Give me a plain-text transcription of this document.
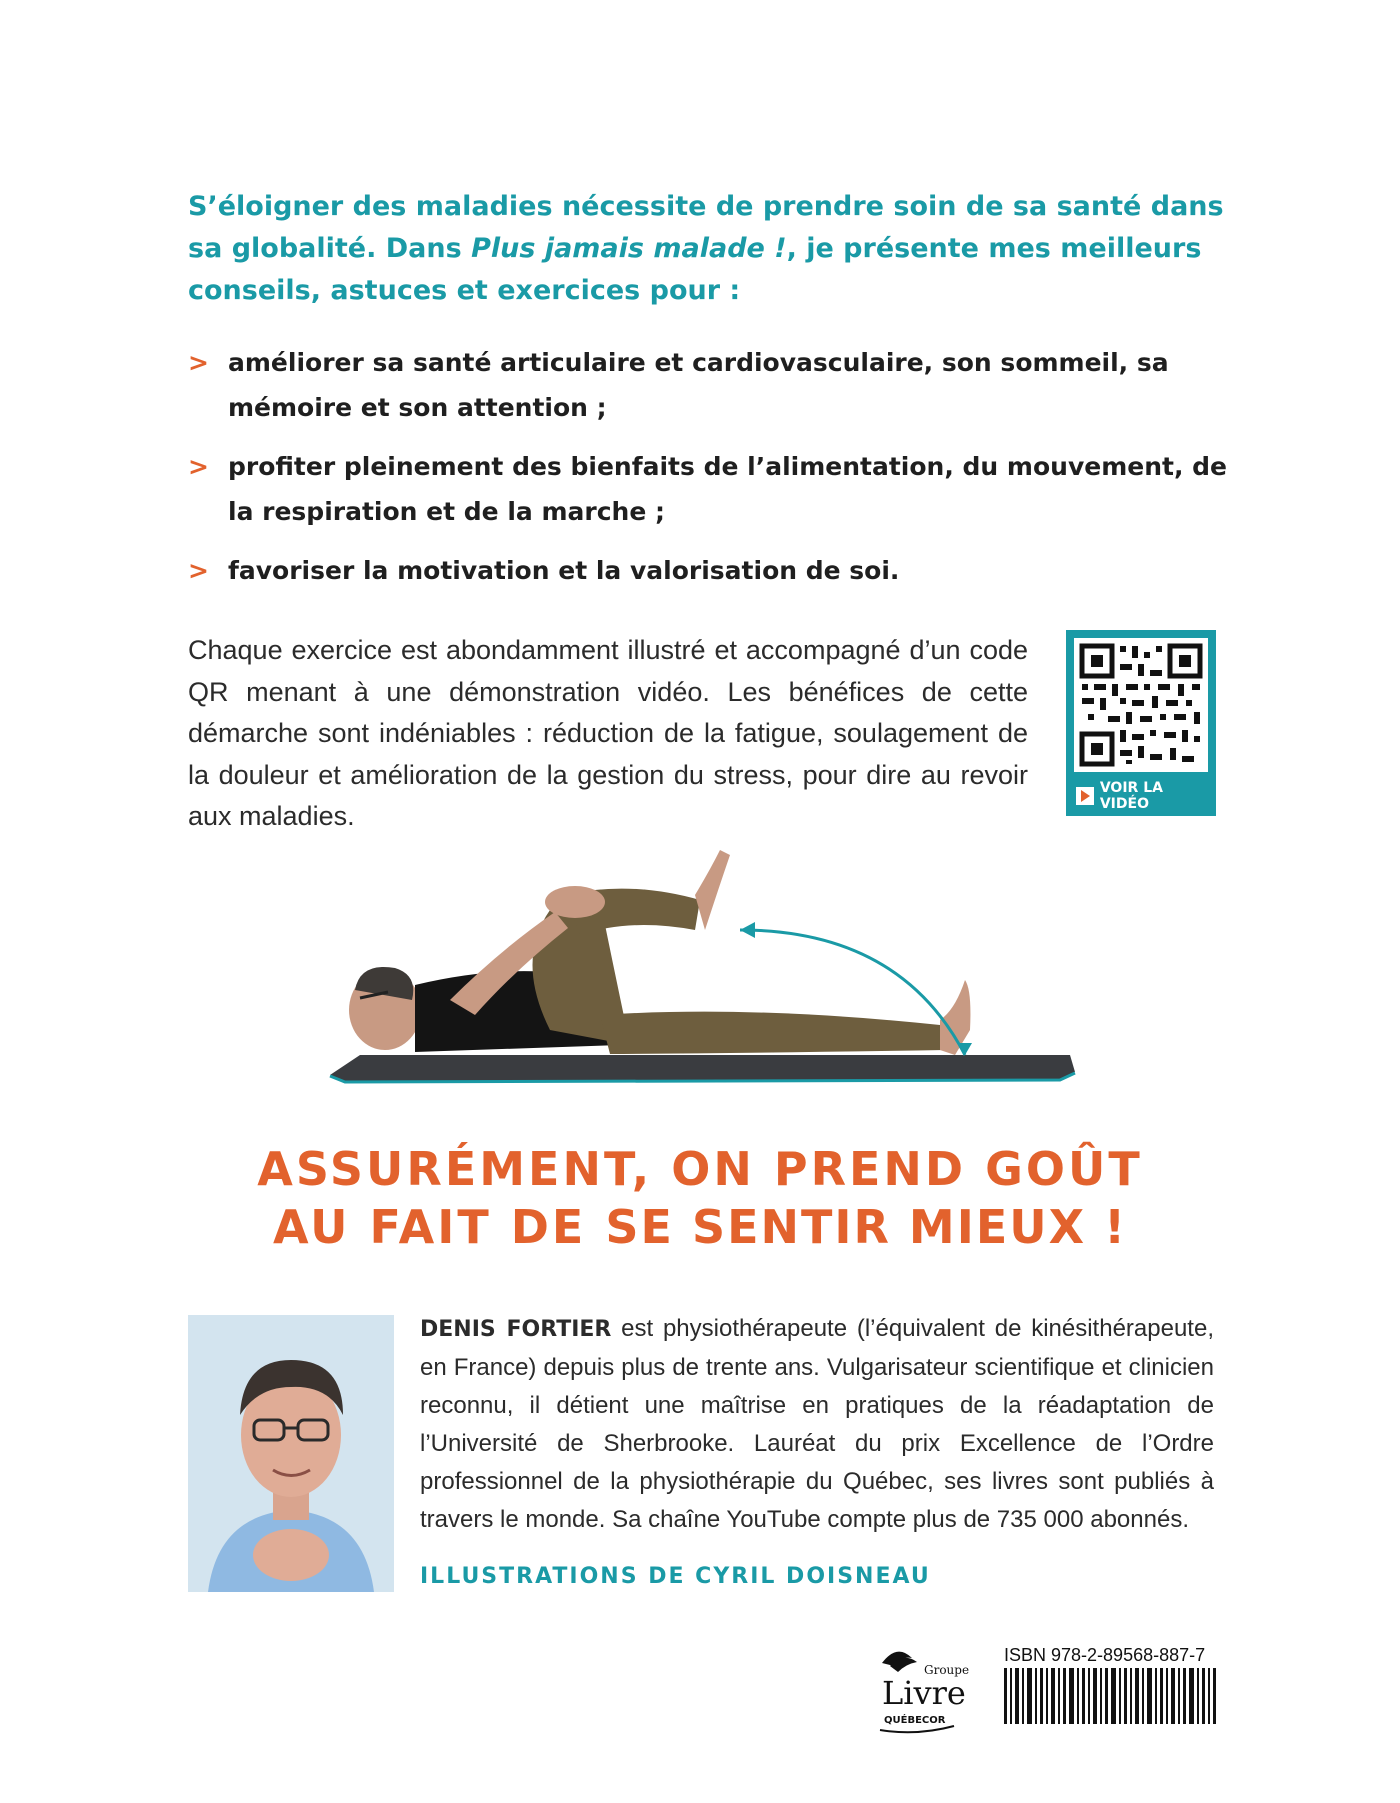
S’éloigner des maladies nécessite de prendre soin de sa santé dans sa globalité. Dans Plus jamais malade !, je présente mes meilleurs conseils, astuces et exercices pour :
> améliorer sa santé articulaire et cardiovasculaire, son sommeil, sa mémoire et son attention ;
> profiter pleinement des bienfaits de l’alimentation, du mouvement, de la respiration et de la marche ;
> favoriser la motivation et la valorisation de soi.
Chaque exercice est abondamment illustré et accompagné d’un code QR menant à une démonstration vidéo. Les bénéfices de cette démarche sont indéniables : réduction de la fatigue, soulagement de la douleur et amélioration de la gestion du stress, pour dire au revoir aux maladies.
VOIR LA VIDÉO
ASSURÉMENT, ON PREND GOÛT
AU FAIT DE SE SENTIR MIEUX !
DENIS FORTIER est physiothérapeute (l’équivalent de kinésithérapeute, en France) depuis plus de trente ans. Vulgarisateur scientifique et clinicien reconnu, il détient une maîtrise en pratiques de la réadaptation de l’Université de Sherbrooke. Lauréat du prix Excellence de l’Ordre professionnel de la physiothérapie du Québec, ses livres sont publiés à travers le monde. Sa chaîne YouTube compte plus de 735 000 abonnés.
ILLUSTRATIONS DE CYRIL DOISNEAU
Groupe
Livre
QUÉBECOR
ISBN 978-2-89568-887-7
